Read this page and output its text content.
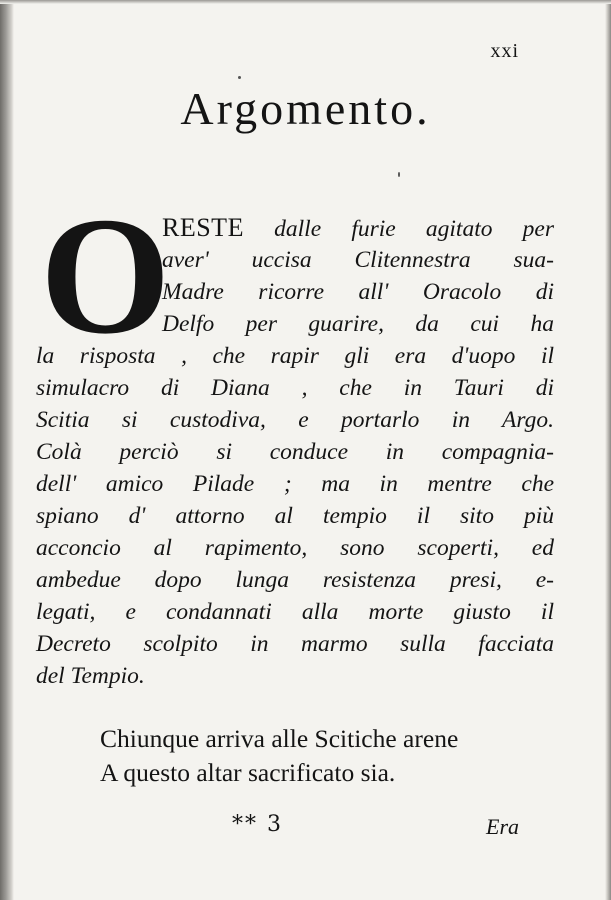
xxi
Argomento.
O
RESTE dalle furie agitato per
aver' uccisa Clitennestra sua-
Madre ricorre all' Oracolo di
Delfo per guarire, da cui ha
la risposta , che rapir gli era d'uopo il
simulacro di Diana , che in Tauri di
Scitia si custodiva, e portarlo in Argo.
Colà perciò si conduce in compagnia-
dell' amico Pilade ; ma in mentre che
spiano d' attorno al tempio il sito più
acconcio al rapimento, sono scoperti, ed
ambedue dopo lunga resistenza presi, e-
legati, e condannati alla morte giusto il
Decreto scolpito in marmo sulla facciata
del Tempio.
Chiunque arriva alle Scitiche arene
A questo altar sacrificato sia.
** 3	Era
